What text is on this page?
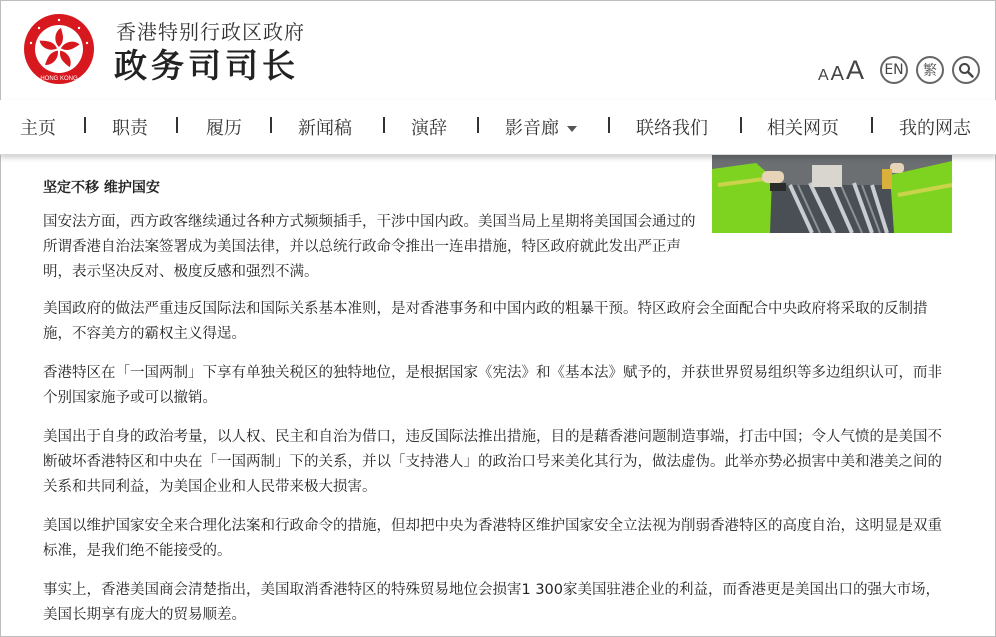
HONG KONG
香港特别行政区政府
政务司司长	A A A	EN	繁
主页	职责	履历	新闻稿	演辞	影音廊	联络我们	相关网页	我的网志
坚定不移 维护国安

国安法方面，西方政客继续通过各种方式频频插手，干涉中国内政。美国当局上星期将美国国会通过的所谓香港自治法案签署成为美国法律，并以总统行政命令推出一连串措施，特区政府就此发出严正声明，表示坚决反对、极度反感和强烈不满。

美国政府的做法严重违反国际法和国际关系基本准则，是对香港事务和中国内政的粗暴干预。特区政府会全面配合中央政府将采取的反制措施，不容美方的霸权主义得逞。

香港特区在「一国两制」下享有单独关税区的独特地位，是根据国家《宪法》和《基本法》赋予的，并获世界贸易组织等多边组织认可，而非个别国家施予或可以撤销。

美国出于自身的政治考量，以人权、民主和自治为借口，违反国际法推出措施，目的是藉香港问题制造事端，打击中国；令人气愤的是美国不断破坏香港特区和中央在「一国两制」下的关系，并以「支持港人」的政治口号来美化其行为，做法虚伪。此举亦势必损害中美和港美之间的关系和共同利益，为美国企业和人民带来极大损害。

美国以维护国家安全来合理化法案和行政命令的措施，但却把中央为香港特区维护国家安全立法视为削弱香港特区的高度自治，这明显是双重标准，是我们绝不能接受的。

事实上，香港美国商会清楚指出，美国取消香港特区的特殊贸易地位会损害1 300家美国驻港企业的利益，而香港更是美国出口的强大市场，美国长期享有庞大的贸易顺差。
